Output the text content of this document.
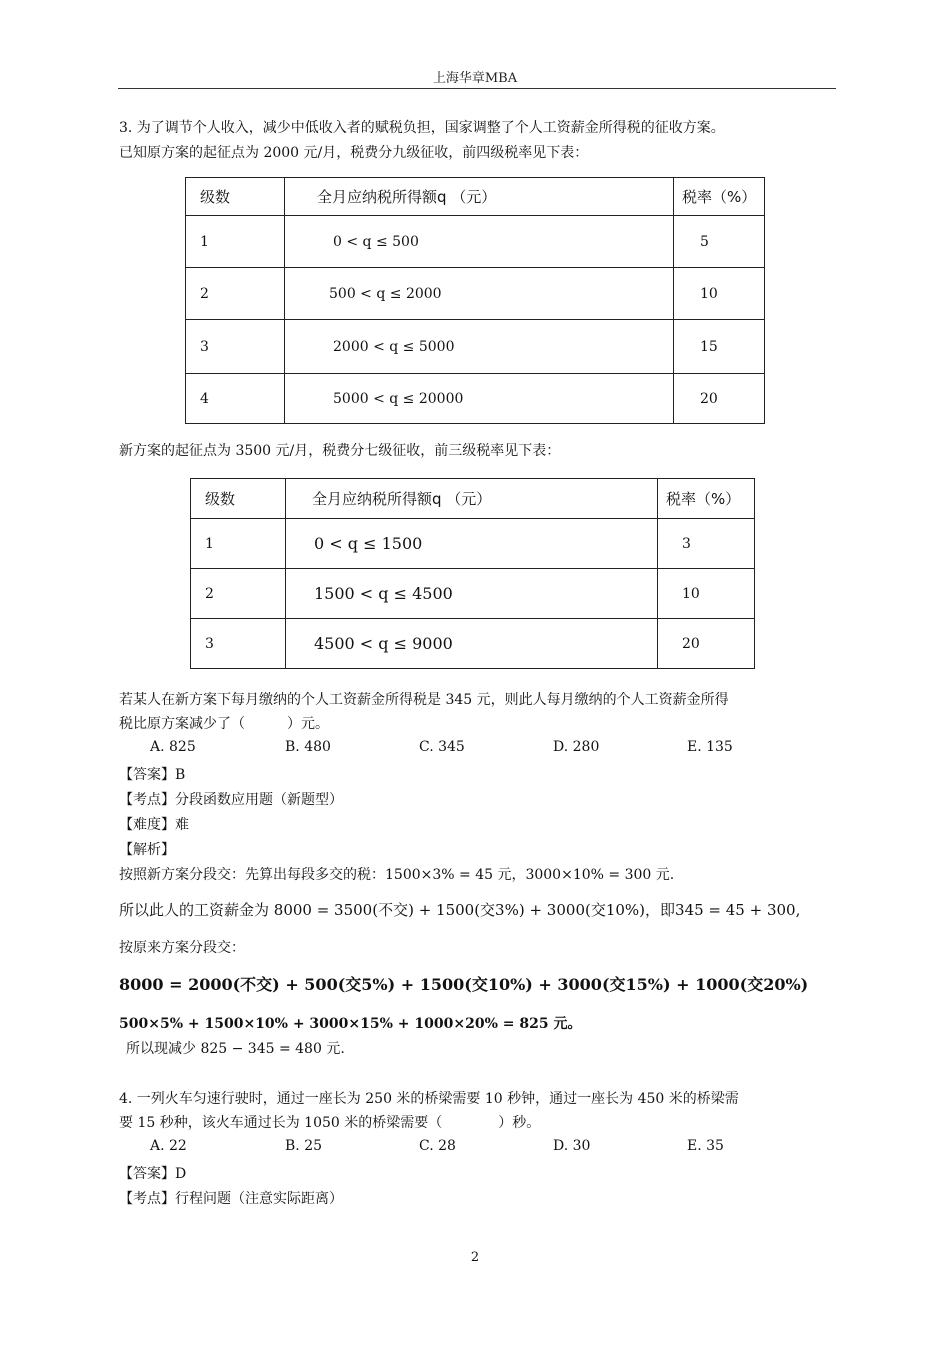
上海华章MBA
3. 为了调节个人收入，减少中低收入者的赋税负担，国家调整了个人工资薪金所得税的征收方案。
已知原方案的起征点为 2000 元/月，税费分九级征收，前四级税率见下表：
级数	全月应纳税所得额q （元）	税率（%）
1	0 < q ≤ 500	5
2	500 < q ≤ 2000	10
3	2000 < q ≤ 5000	15
4	5000 < q ≤ 20000	20
新方案的起征点为 3500 元/月，税费分七级征收，前三级税率见下表：
级数	全月应纳税所得额q （元）	税率（%）
1	0 < q ≤ 1500	3
2	1500 < q ≤ 4500	10
3	4500 < q ≤ 9000	20
若某人在新方案下每月缴纳的个人工资薪金所得税是 345 元，则此人每月缴纳的个人工资薪金所得
税比原方案减少了（　　　）元。
A. 825	B. 480	C. 345	D. 280	E. 135
【答案】B
【考点】分段函数应用题（新题型）
【难度】难
【解析】
按照新方案分段交：先算出每段多交的税：1500×3% = 45 元，3000×10% = 300 元.
所以此人的工资薪金为 8000 = 3500(不交) + 1500(交3%) + 3000(交10%)，即345 = 45 + 300,
按原来方案分段交：
8000 = 2000(不交) + 500(交5%) + 1500(交10%) + 3000(交15%) + 1000(交20%)
500×5% + 1500×10% + 3000×15% + 1000×20% = 825 元。
所以现减少 825 − 345 = 480 元.
4. 一列火车匀速行驶时，通过一座长为 250 米的桥梁需要 10 秒钟，通过一座长为 450 米的桥梁需
要 15 秒种，该火车通过长为 1050 米的桥梁需要（　　　　）秒。
A. 22	B. 25	C. 28	D. 30	E. 35
【答案】D
【考点】行程问题（注意实际距离）
2
